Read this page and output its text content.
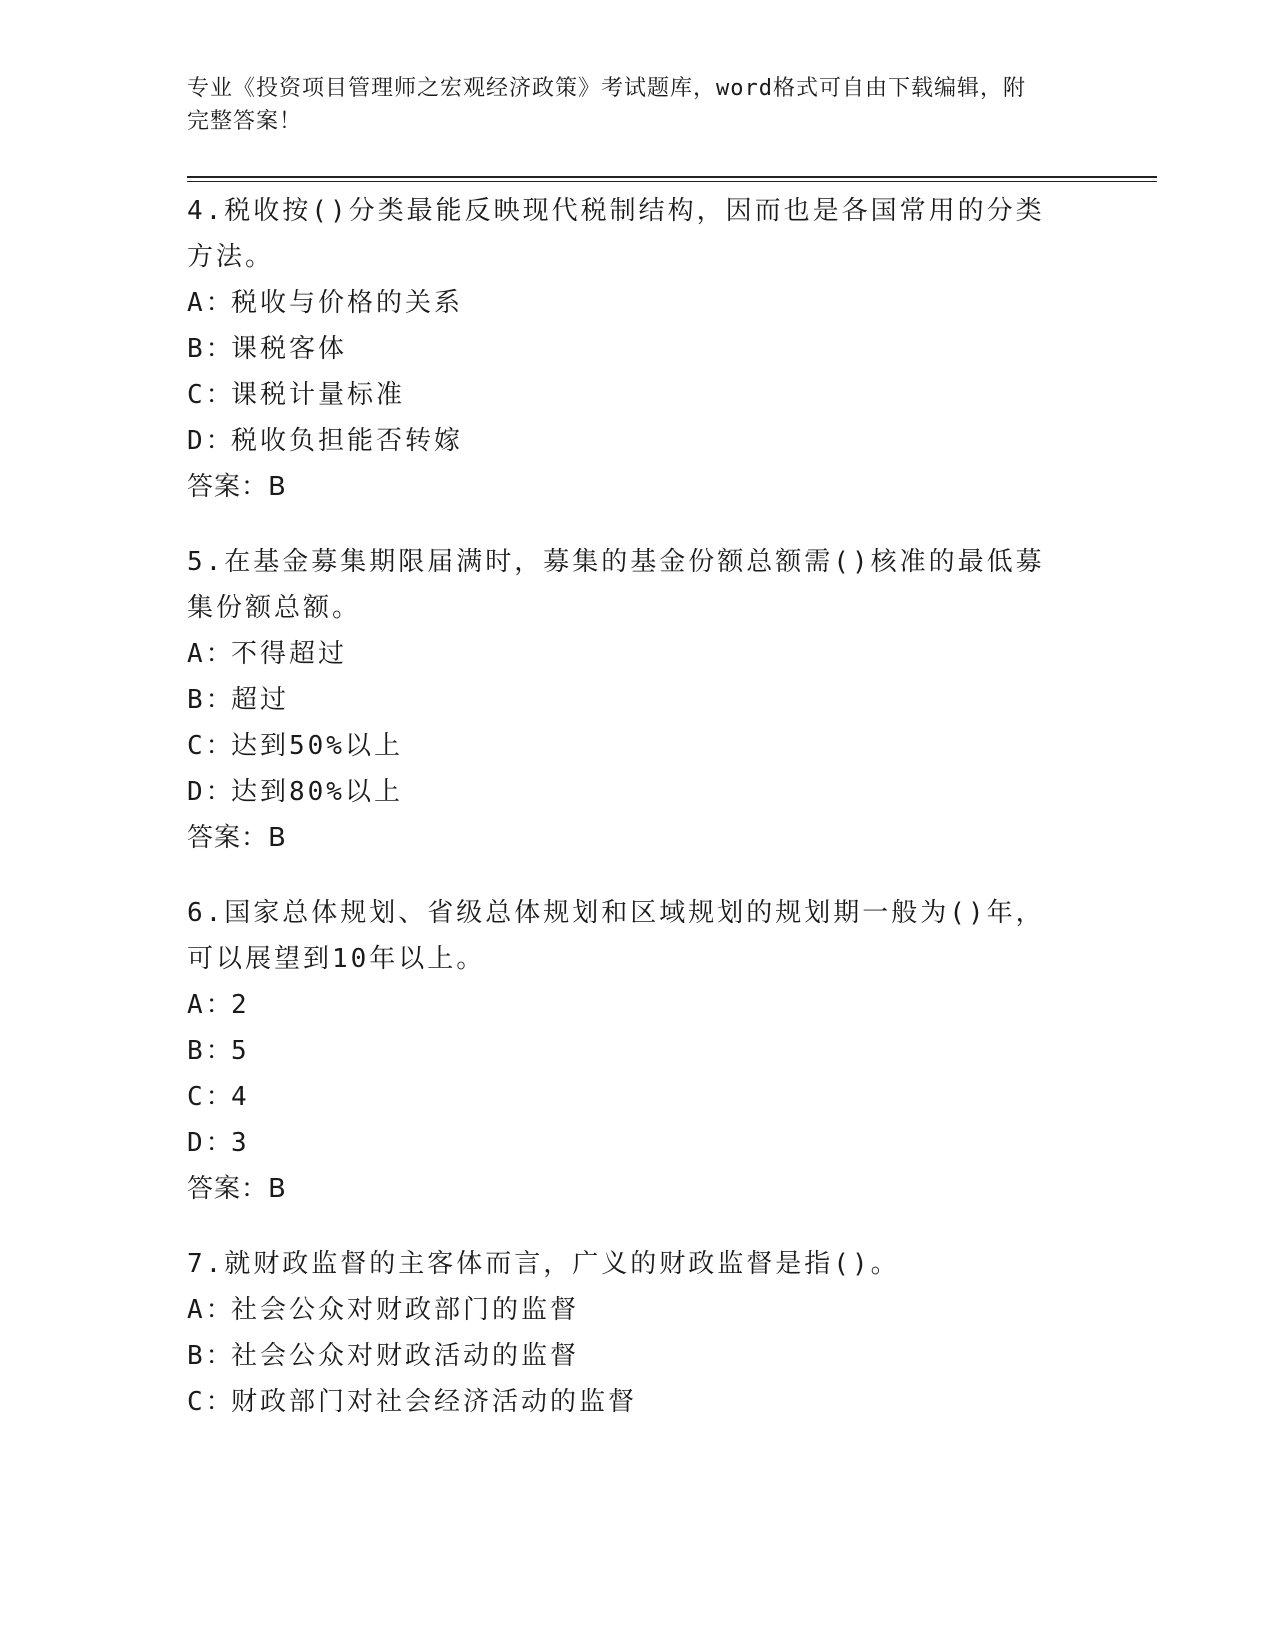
专业《投资项目管理师之宏观经济政策》考试题库，word格式可自由下载编辑，附完整答案！
4.税收按()分类最能反映现代税制结构，因而也是各国常用的分类方法。
A：税收与价格的关系
B：课税客体
C：课税计量标准
D：税收负担能否转嫁
答案：B
5.在基金募集期限届满时，募集的基金份额总额需()核准的最低募集份额总额。
A：不得超过
B：超过
C：达到50%以上
D：达到80%以上
答案：B
6.国家总体规划、省级总体规划和区域规划的规划期一般为()年，可以展望到10年以上。
A：2
B：5
C：4
D：3
答案：B
7.就财政监督的主客体而言，广义的财政监督是指()。
A：社会公众对财政部门的监督
B：社会公众对财政活动的监督
C：财政部门对社会经济活动的监督
